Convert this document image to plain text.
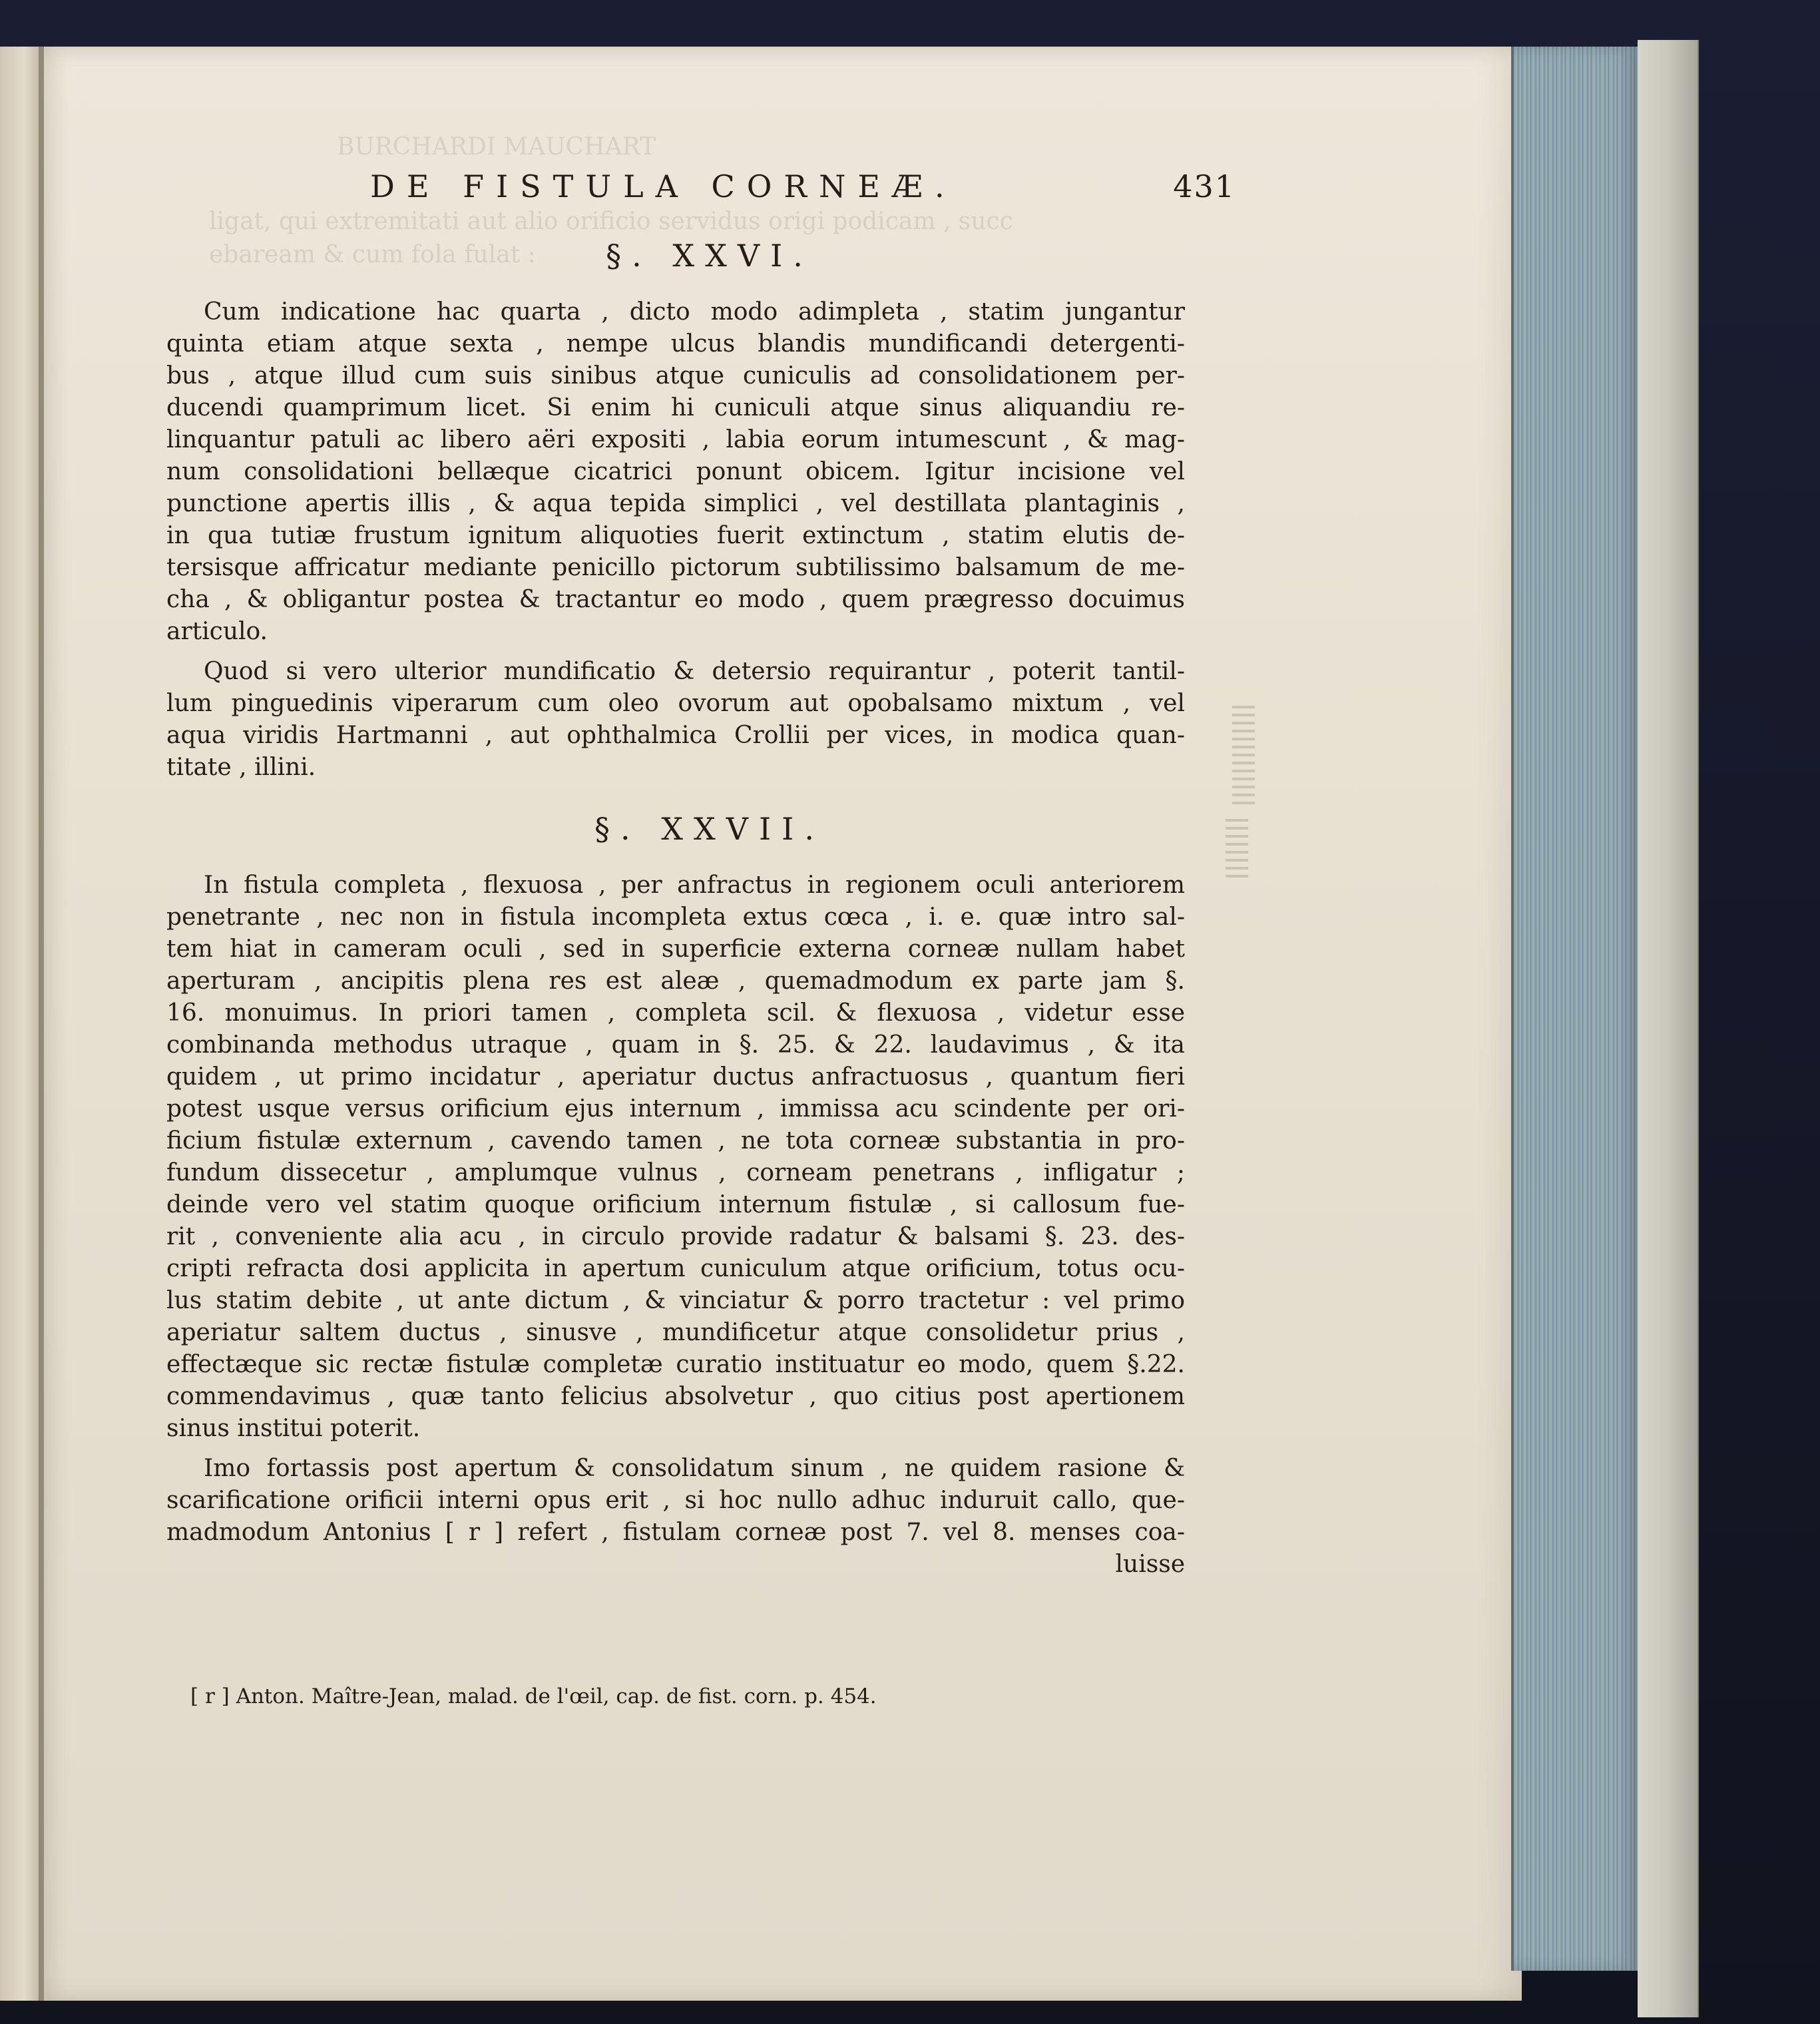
BURCHARDI MAUCHART
ligat, qui extremitati aut alio orificio servidus origi podicam , succ
ebaream & cum fola fulat :
DE FISTULA CORNEÆ.	431
§. XXVI.
Cum indicatione hac quarta , dicto modo adimpleta , statim jungantur
quinta etiam atque sexta , nempe ulcus blandis mundificandi detergenti-
bus , atque illud cum suis sinibus atque cuniculis ad consolidationem per-
ducendi quamprimum licet. Si enim hi cuniculi atque sinus aliquandiu re-
linquantur patuli ac libero aëri expositi , labia eorum intumescunt , & mag-
num consolidationi bellæque cicatrici ponunt obicem. Igitur incisione vel
punctione apertis illis , & aqua tepida simplici , vel destillata plantaginis ,
in qua tutiæ frustum ignitum aliquoties fuerit extinctum , statim elutis de-
tersisque affricatur mediante penicillo pictorum subtilissimo balsamum de me-
cha , & obligantur postea & tractantur eo modo , quem prægresso docuimus
articulo.
Quod si vero ulterior mundificatio & detersio requirantur , poterit tantil-
lum pinguedinis viperarum cum oleo ovorum aut opobalsamo mixtum , vel
aqua viridis Hartmanni , aut ophthalmica Crollii per vices, in modica quan-
titate , illini.
§. XXVII.
In fistula completa , flexuosa , per anfractus in regionem oculi anteriorem
penetrante , nec non in fistula incompleta extus cœca , i. e. quæ intro sal-
tem hiat in cameram oculi , sed in superficie externa corneæ nullam habet
aperturam , ancipitis plena res est aleæ , quemadmodum ex parte jam §.
16. monuimus. In priori tamen , completa scil. & flexuosa , videtur esse
combinanda methodus utraque , quam in §. 25. & 22. laudavimus , & ita
quidem , ut primo incidatur , aperiatur ductus anfractuosus , quantum fieri
potest usque versus orificium ejus internum , immissa acu scindente per ori-
ficium fistulæ externum , cavendo tamen , ne tota corneæ substantia in pro-
fundum dissecetur , amplumque vulnus , corneam penetrans , infligatur ;
deinde vero vel statim quoque orificium internum fistulæ , si callosum fue-
rit , conveniente alia acu , in circulo provide radatur & balsami §. 23. des-
cripti refracta dosi applicita in apertum cuniculum atque orificium, totus ocu-
lus statim debite , ut ante dictum , & vinciatur & porro tractetur : vel primo
aperiatur saltem ductus , sinusve , mundificetur atque consolidetur prius ,
effectæque sic rectæ fistulæ completæ curatio instituatur eo modo, quem §.22.
commendavimus , quæ tanto felicius absolvetur , quo citius post apertionem
sinus institui poterit.
Imo fortassis post apertum & consolidatum sinum , ne quidem rasione &
scarificatione orificii interni opus erit , si hoc nullo adhuc induruit callo, que-
madmodum Antonius [ r ] refert , fistulam corneæ post 7. vel 8. menses coa-
luisse
[ r ] Anton. Maître-Jean, malad. de l'œil, cap. de fist. corn. p. 454.
